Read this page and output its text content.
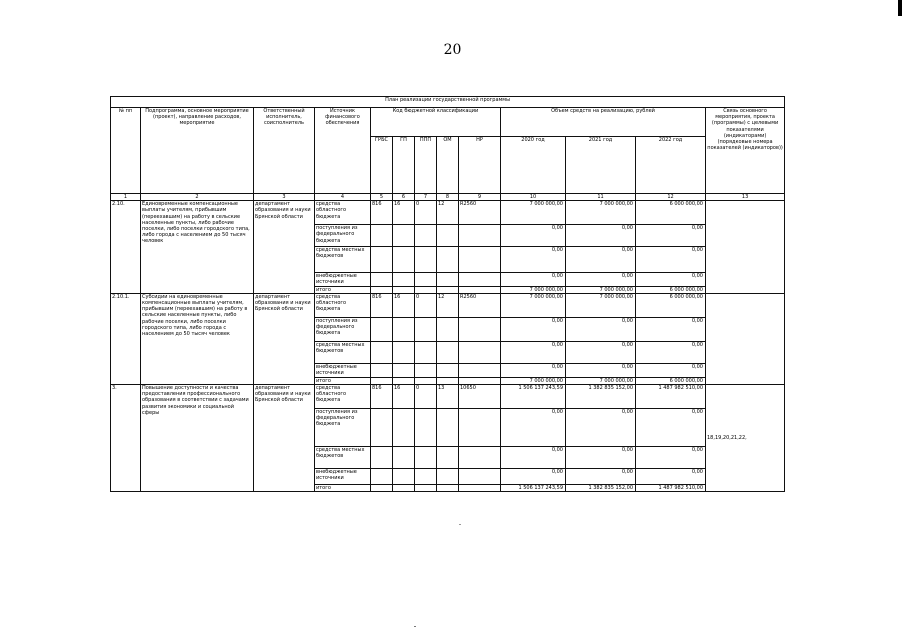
20
План реализации государственной программы												
№ пп	Подпрограмма, основное мероприятие (проект), направление расходов, мероприятие	Ответственный исполнитель, соисполнитель	Источник финансового обеспечения	Код бюджетной классификации					Объем средств на реализацию, рублей			Связь основного мероприятия, проекта (программы) с целевыми показателями (индикаторами) (порядковые номера показателей (индикаторов))
				ГРБС	ГП	ППП	ОМ	НР	2020 год	2021 год	2022 год	
1	2	3	4	5	6	7	8	9	10	11	12	13
2.10.	Единовременные компенсационные выплаты учителям, прибывшим (переехавшим) на работу в сельские населенные пункты, либо рабочие поселки, либо поселки городского типа, либо города с населением до 50 тысяч человек	департамент образования и науки Брянской области	средства областного бюджета	816	16	0	12	R2560	7 000 000,00	7 000 000,00	6 000 000,00	
			поступления из федерального бюджета						0,00	0,00	0,00	
			средства местных бюджетов						0,00	0,00	0,00	
			внебюджетные источники						0,00	0,00	0,00	
			итого						7 000 000,00	7 000 000,00	6 000 000,00	
2.10.1.	Субсидии на единовременные компенсационные выплаты учителям, прибывшим (переехавшим) на работу в сельские населенные пункты, либо рабочие поселки, либо поселки городского типа, либо города с населением до 50 тысяч человек	департамент образования и науки Брянской области	средства областного бюджета	816	16	0	12	R2560	7 000 000,00	7 000 000,00	6 000 000,00	
			поступления из федерального бюджета						0,00	0,00	0,00	
			средства местных бюджетов						0,00	0,00	0,00	
			внебюджетные источники						0,00	0,00	0,00	
			итого						7 000 000,00	7 000 000,00	6 000 000,00	
3.	Повышение доступности и качества предоставления профессионального образования в соответствии с задачами развития экономики и социальной сферы	департамент образования и науки Брянской области	средства областного бюджета	816	16	0	13	10650	1 506 137 243,59	1 382 835 152,00	1 487 982 510,00	18,19,20,21,22,
			поступления из федерального бюджета						0,00	0,00	0,00	
			средства местных бюджетов						0,00	0,00	0,00	
			внебюджетные источники						0,00	0,00	0,00	
			итого						1 506 137 243,59	1 382 835 152,00	1 487 982 510,00	
